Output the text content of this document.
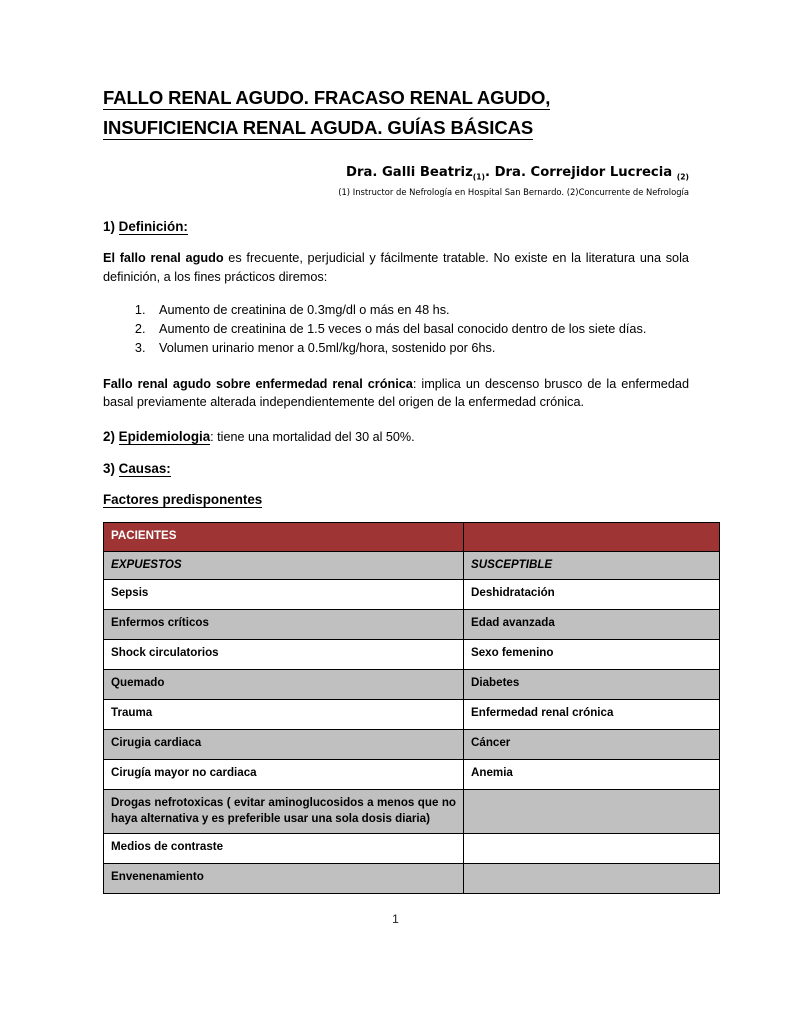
FALLO RENAL AGUDO. FRACASO RENAL AGUDO,
INSUFICIENCIA RENAL AGUDA. GUÍAS BÁSICAS
Dra. Galli Beatriz$_{(1)}$. Dra. Correjidor Lucrecia $_{(2)}$
(1) Instructor de Nefrología en Hospital San Bernardo. (2)Concurrente de Nefrología
1) Definición:

El fallo renal agudo es frecuente, perjudicial y fácilmente tratable. No existe en la literatura una sola definición, a los fines prácticos diremos:

1. Aumento de creatinina de 0.3mg/dl o más en 48 hs.
2. Aumento de creatinina de 1.5 veces o más del basal conocido dentro de los siete días.
3. Volumen urinario menor a 0.5ml/kg/hora, sostenido por 6hs.

Fallo renal agudo sobre enfermedad renal crónica: implica un descenso brusco de la enfermedad basal previamente alterada independientemente del origen de la enfermedad crónica.

2) Epidemiologia: tiene una mortalidad del 30 al 50%.
3) Causas:
Factores predisponentes
PACIENTES	
EXPUESTOS	SUSCEPTIBLE
Sepsis	Deshidratación
Enfermos críticos	Edad avanzada
Shock circulatorios	Sexo femenino
Quemado	Diabetes
Trauma	Enfermedad renal crónica
Cirugia cardiaca	Cáncer
Cirugía mayor no cardiaca	Anemia
Drogas nefrotoxicas ( evitar aminoglucosidos a menos que no haya alternativa y es preferible usar una sola dosis diaria)	
Medios de contraste	
Envenenamiento	
1
